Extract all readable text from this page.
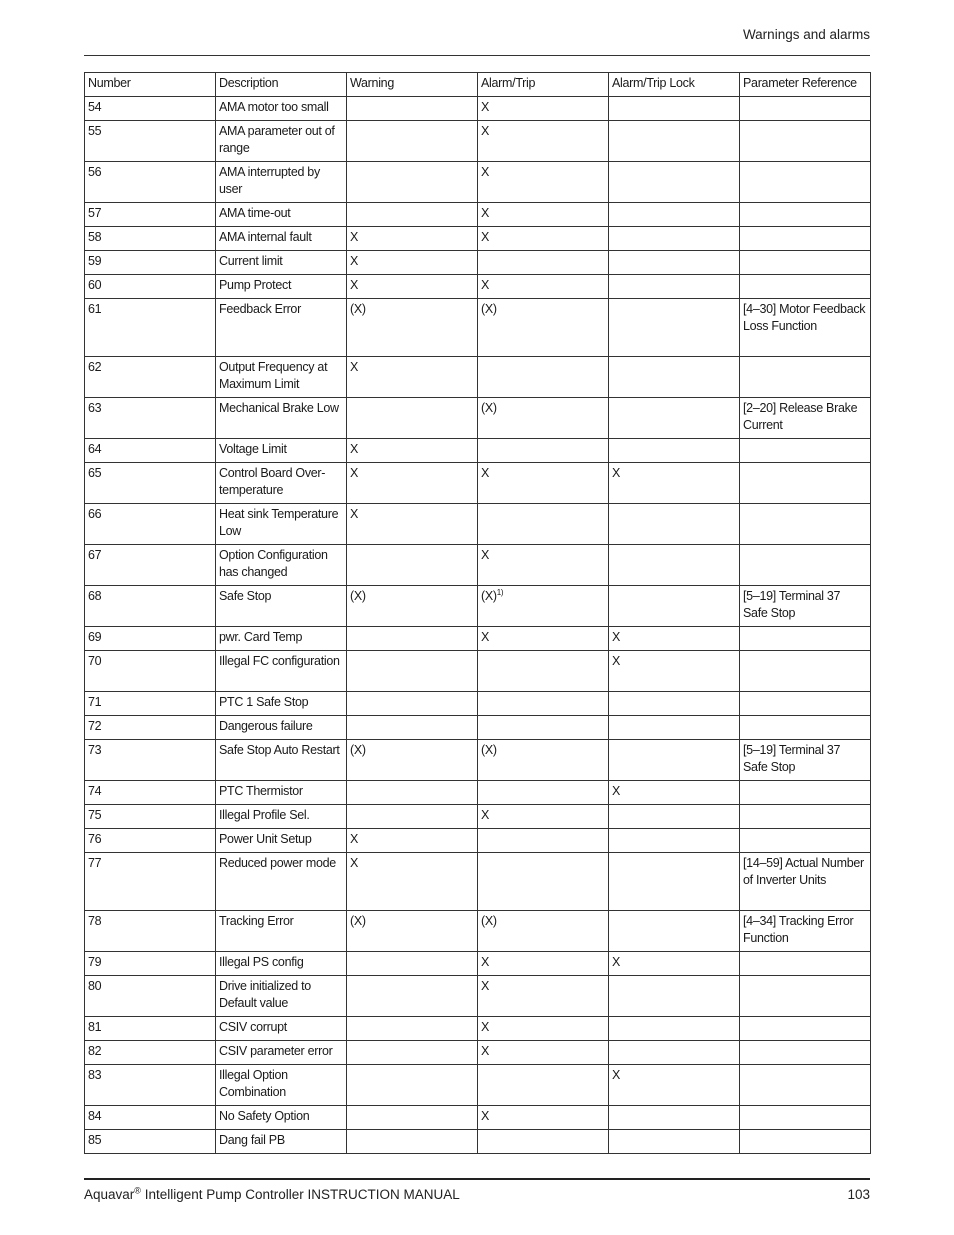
Warnings and alarms
Number	Description	Warning	Alarm/Trip	Alarm/Trip Lock	Parameter Reference
54	AMA motor too small		X		
55	AMA parameter out of range		X		
56	AMA interrupted by user		X		
57	AMA time-out		X		
58	AMA internal fault	X	X		
59	Current limit	X			
60	Pump Protect	X	X		
61	Feedback Error	(X)	(X)		[4–30] Motor Feedback Loss Function
62	Output Frequency at Maximum Limit	X			
63	Mechanical Brake Low		(X)		[2–20] Release Brake Current
64	Voltage Limit	X			
65	Control Board Over-temperature	X	X	X	
66	Heat sink Temperature Low	X			
67	Option Configuration has changed		X		
68	Safe Stop	(X)	$(X)^{1)}$		[5–19] Terminal 37 Safe Stop
69	pwr. Card Temp		X	X	
70	Illegal FC configuration			X	
71	PTC 1 Safe Stop				
72	Dangerous failure				
73	Safe Stop Auto Restart	(X)	(X)		[5–19] Terminal 37 Safe Stop
74	PTC Thermistor			X	
75	Illegal Profile Sel.		X		
76	Power Unit Setup	X			
77	Reduced power mode	X			[14–59] Actual Number of Inverter Units
78	Tracking Error	(X)	(X)		[4–34] Tracking Error Function
79	Illegal PS config		X	X	
80	Drive initialized to Default value		X		
81	CSIV corrupt		X		
82	CSIV parameter error		X		
83	Illegal Option Combination			X	
84	No Safety Option		X		
85	Dang fail PB				
Aquavar® Intelligent Pump Controller INSTRUCTION MANUAL	103
